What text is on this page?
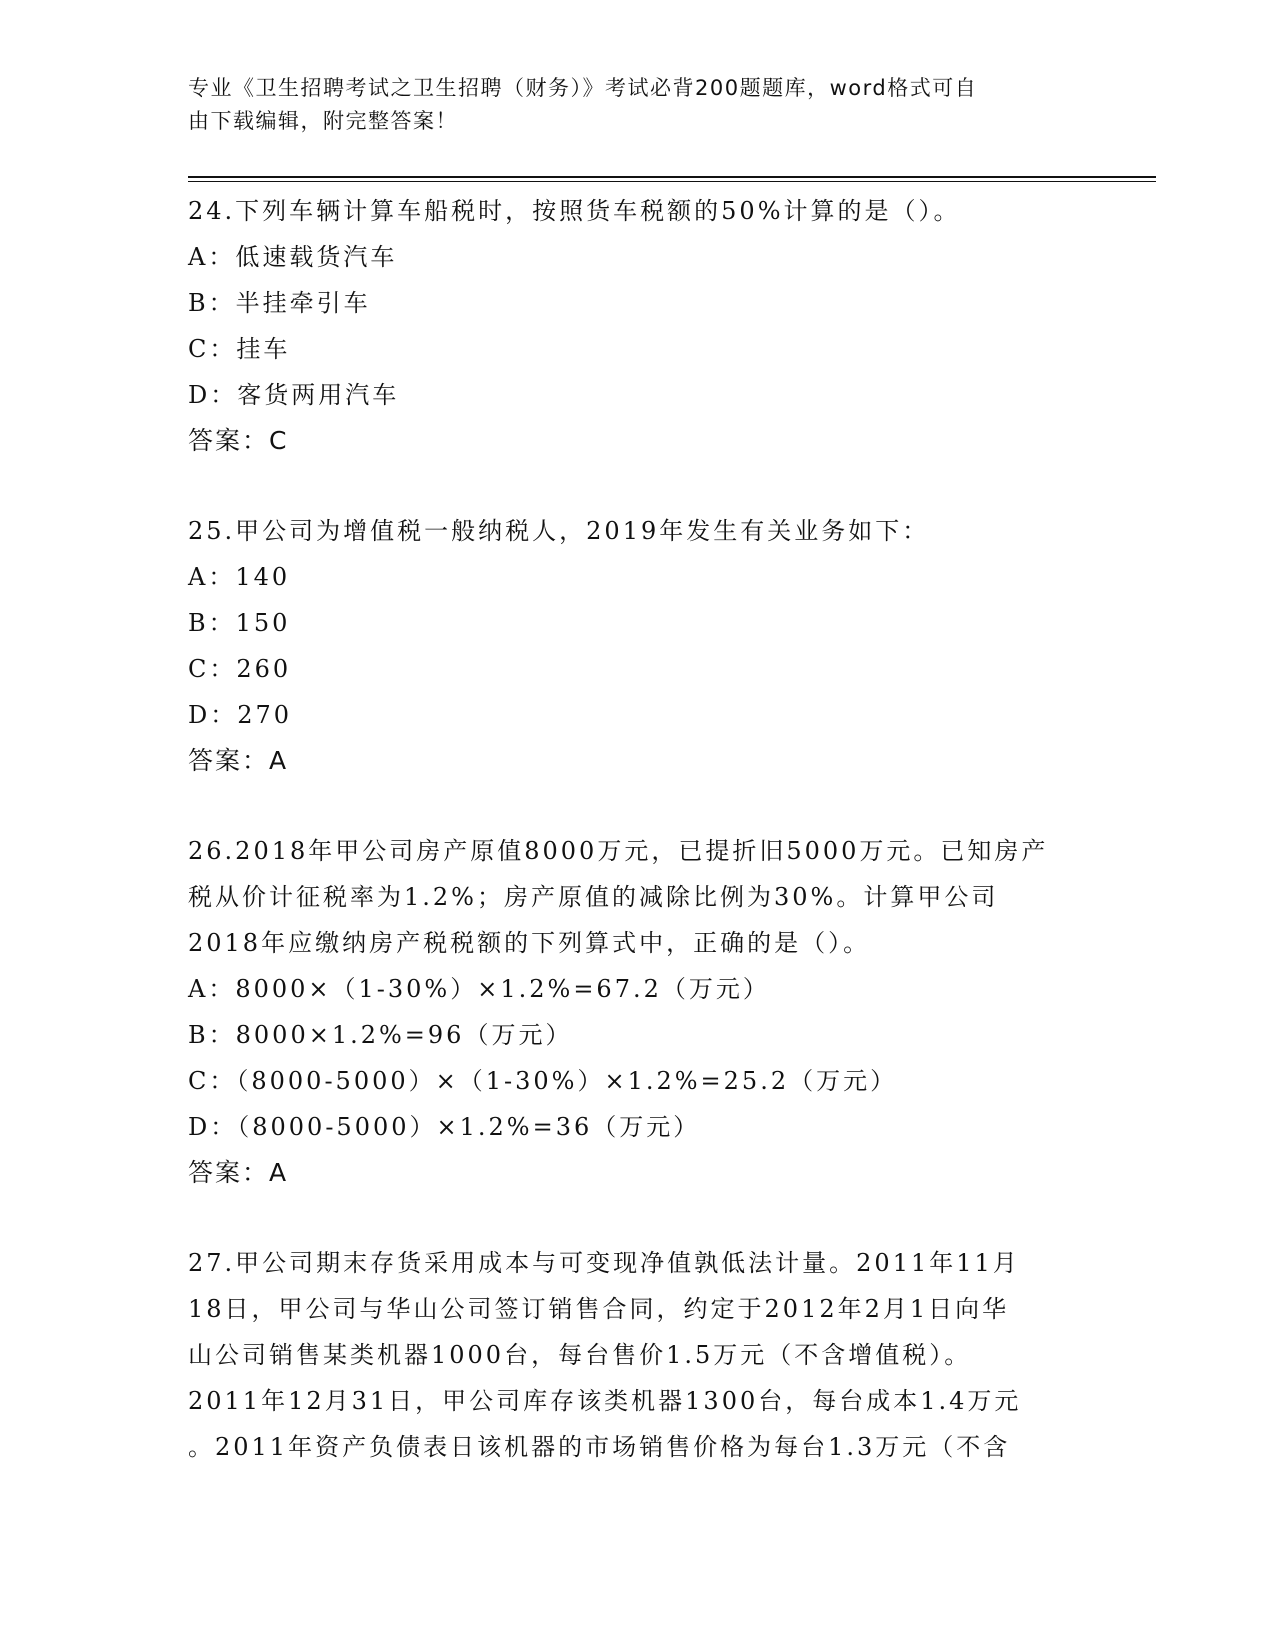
专业《卫生招聘考试之卫生招聘（财务）》考试必背200题题库，word格式可自
由下载编辑，附完整答案！

24.下列车辆计算车船税时，按照货车税额的50%计算的是（）。

A：低速载货汽车

B：半挂牵引车

C：挂车

D：客货两用汽车

答案：C

25.甲公司为增值税一般纳税人，2019年发生有关业务如下：

A：140

B：150

C：260

D：270

答案：A

26.2018年甲公司房产原值8000万元，已提折旧5000万元。已知房产

税从价计征税率为1.2%；房产原值的减除比例为30%。计算甲公司

2018年应缴纳房产税税额的下列算式中，正确的是（）。

A：8000×（1-30%）×1.2%=67.2（万元）

B：8000×1.2%=96（万元）

C：（8000-5000）×（1-30%）×1.2%=25.2（万元）

D：（8000-5000）×1.2%=36（万元）

答案：A

27.甲公司期末存货采用成本与可变现净值孰低法计量。2011年11月

18日，甲公司与华山公司签订销售合同，约定于2012年2月1日向华

山公司销售某类机器1000台，每台售价1.5万元（不含增值税）。

2011年12月31日，甲公司库存该类机器1300台，每台成本1.4万元

。2011年资产负债表日该机器的市场销售价格为每台1.3万元（不含
